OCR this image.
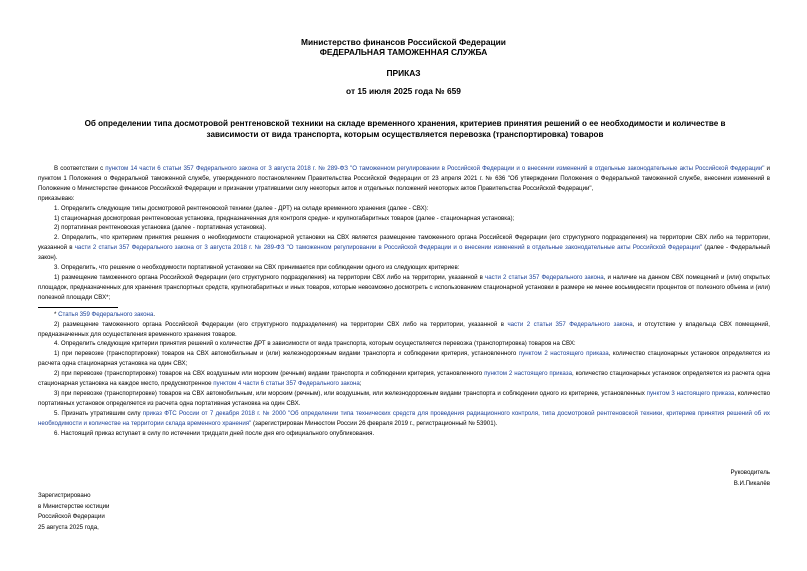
Министерство финансов Российской Федерации
ФЕДЕРАЛЬНАЯ ТАМОЖЕННАЯ СЛУЖБА
ПРИКАЗ
от 15 июля 2025 года № 659
Об определении типа досмотровой рентгеновской техники на складе временного хранения, критериев принятия решений о ее необходимости и количестве в зависимости от вида транспорта, которым осуществляется перевозка (транспортировка) товаров

В соответствии с пунктом 14 части 6 статьи 357 Федерального закона от 3 августа 2018 г. № 289-ФЗ "О таможенном регулировании в Российской Федерации и о внесении изменений в отдельные законодательные акты Российской Федерации" и пунктом 1 Положения о Федеральной таможенной службе, утвержденного постановлением Правительства Российской Федерации от 23 апреля 2021 г. № 636 "Об утверждении Положения о Федеральной таможенной службе, внесении изменений в Положение о Министерстве финансов Российской Федерации и признании утратившими силу некоторых актов и отдельных положений некоторых актов Правительства Российской Федерации",

приказываю:

1. Определить следующие типы досмотровой рентгеновской техники (далее - ДРТ) на складе временного хранения (далее - СВХ):

1) стационарная досмотровая рентгеновская установка, предназначенная для контроля средне- и крупногабаритных товаров (далее - стационарная установка);

2) портативная рентгеновская установка (далее - портативная установка).

2. Определить, что критерием принятия решения о необходимости стационарной установки на СВХ является размещение таможенного органа Российской Федерации (его структурного подразделения) на территории СВХ либо на территории, указанной в части 2 статьи 357 Федерального закона от 3 августа 2018 г. № 289-ФЗ "О таможенном регулировании в Российской Федерации и о внесении изменений в отдельные законодательные акты Российской Федерации" (далее - Федеральный закон).

3. Определить, что решение о необходимости портативной установки на СВХ принимается при соблюдении одного из следующих критериев:

1) размещение таможенного органа Российской Федерации (его структурного подразделения) на территории СВХ либо на территории, указанной в части 2 статьи 357 Федерального закона, и наличие на данном СВХ помещений и (или) открытых площадок, предназначенных для хранения транспортных средств, крупногабаритных и иных товаров, которые невозможно досмотреть с использованием стационарной установки в размере не менее восьмидесяти процентов от полезного объема и (или) полезной площади СВХ*;

* Статья 359 Федерального закона.

2) размещение таможенного органа Российской Федерации (его структурного подразделения) на территории СВХ либо на территории, указанной в части 2 статьи 357 Федерального закона, и отсутствие у владельца СВХ помещений, предназначенных для осуществления временного хранения товаров.

4. Определить следующие критерии принятия решений о количестве ДРТ в зависимости от вида транспорта, которым осуществляется перевозка (транспортировка) товаров на СВХ:

1) при перевозке (транспортировке) товаров на СВХ автомобильным и (или) железнодорожным видами транспорта и соблюдении критерия, установленного пунктом 2 настоящего приказа, количество стационарных установок определяется из расчета одна стационарная установка на один СВХ;

2) при перевозке (транспортировке) товаров на СВХ воздушным или морским (речным) видами транспорта и соблюдении критерия, установленного пунктом 2 настоящего приказа, количество стационарных установок определяется из расчета одна стационарная установка на каждое место, предусмотренное пунктом 4 части 6 статьи 357 Федерального закона;

3) при перевозке (транспортировке) товаров на СВХ автомобильным, или морским (речным), или воздушным, или железнодорожным видами транспорта и соблюдении одного из критериев, установленных пунктом 3 настоящего приказа, количество портативных установок определяется из расчета одна портативная установка на один СВХ.

5. Признать утратившим силу приказ ФТС России от 7 декабря 2018 г. № 2000 "Об определении типа технических средств для проведения радиационного контроля, типа досмотровой рентгеновской техники, критериев принятия решений об их необходимости и количестве на территории склада временного хранения" (зарегистрирован Минюстом России 26 февраля 2019 г., регистрационный № 53901).

6. Настоящий приказ вступает в силу по истечении тридцати дней после дня его официального опубликования.

Руководитель
В.И.Пикалёв
Зарегистрировано
в Министерстве юстиции
Российской Федерации
25 августа 2025 года,
